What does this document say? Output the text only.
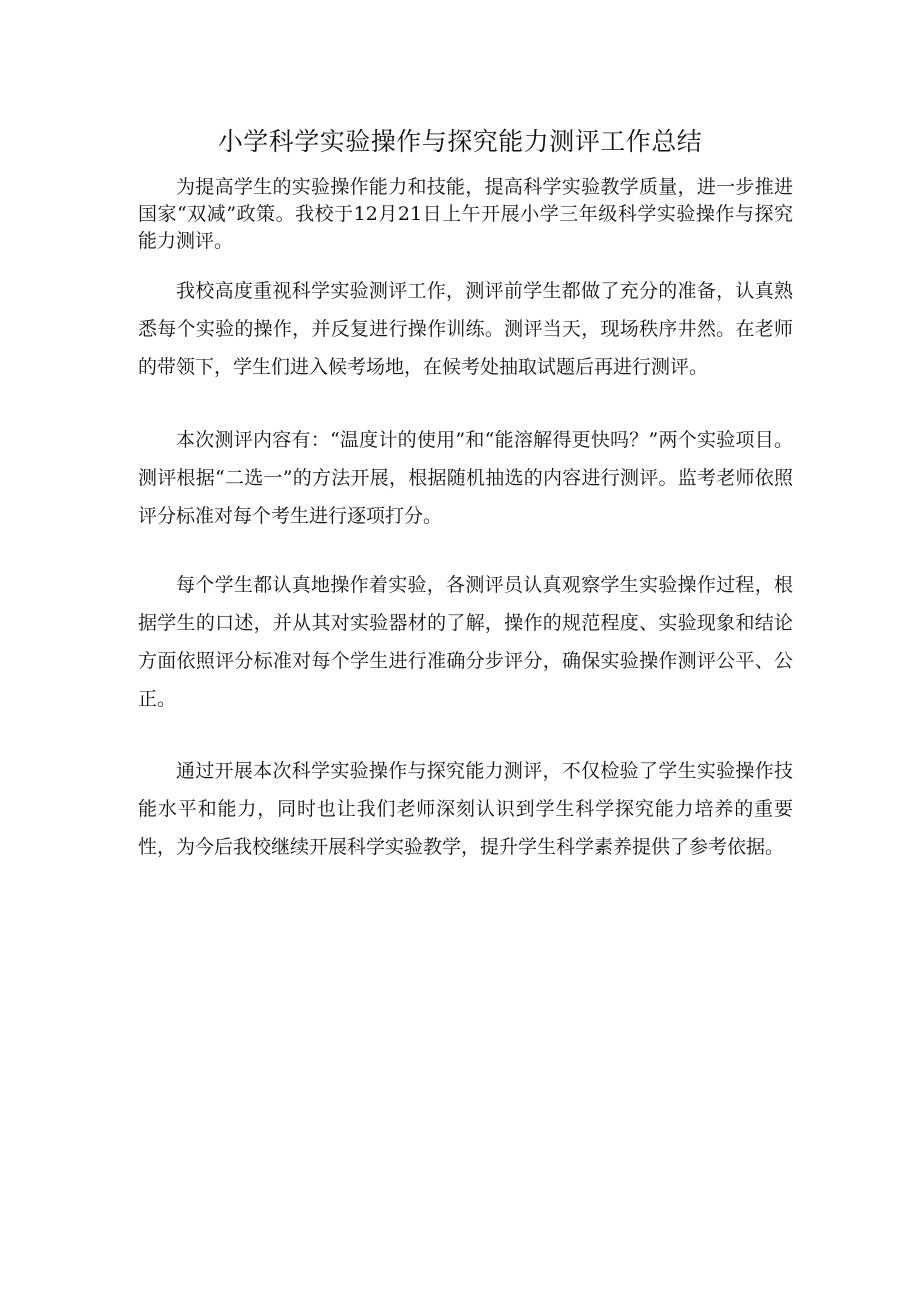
小学科学实验操作与探究能力测评工作总结

为提高学生的实验操作能力和技能，提高科学实验教学质量，进一步推进国家“双减”政策。我校于12月21日上午开展小学三年级科学实验操作与探究能力测评。

我校高度重视科学实验测评工作，测评前学生都做了充分的准备，认真熟悉每个实验的操作，并反复进行操作训练。测评当天，现场秩序井然。在老师的带领下，学生们进入候考场地，在候考处抽取试题后再进行测评。

本次测评内容有：“温度计的使用”和“能溶解得更快吗？”两个实验项目。测评根据“二选一”的方法开展，根据随机抽选的内容进行测评。监考老师依照评分标准对每个考生进行逐项打分。

每个学生都认真地操作着实验，各测评员认真观察学生实验操作过程，根据学生的口述，并从其对实验器材的了解，操作的规范程度、实验现象和结论方面依照评分标准对每个学生进行准确分步评分，确保实验操作测评公平、公正。

通过开展本次科学实验操作与探究能力测评，不仅检验了学生实验操作技能水平和能力，同时也让我们老师深刻认识到学生科学探究能力培养的重要性，为今后我校继续开展科学实验教学，提升学生科学素养提供了参考依据。
